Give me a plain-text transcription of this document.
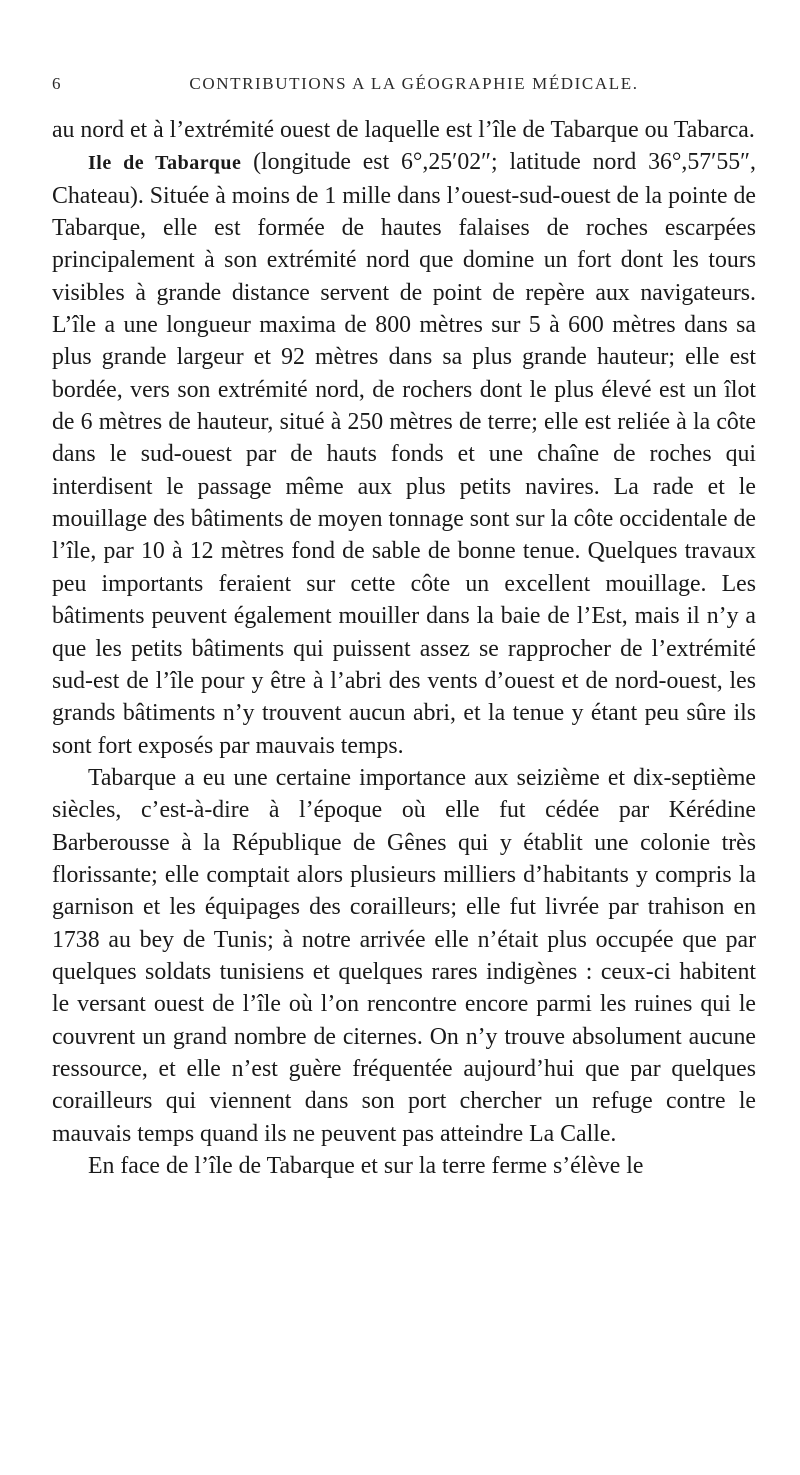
6	CONTRIBUTIONS A LA GÉOGRAPHIE MÉDICALE.

au nord et à l’extrémité ouest de laquelle est l’île de Tabarque ou Tabarca.

Ile de Tabarque (longitude est 6°,25′02″; latitude nord 36°,57′55″, Chateau). Située à moins de 1 mille dans l’ouest-sud-ouest de la pointe de Tabarque, elle est formée de hautes falaises de roches escarpées principalement à son extrémité nord que domine un fort dont les tours visibles à grande distance servent de point de repère aux navigateurs. L’île a une longueur maxima de 800 mètres sur 5 à 600 mètres dans sa plus grande largeur et 92 mètres dans sa plus grande hauteur; elle est bordée, vers son extrémité nord, de rochers dont le plus élevé est un îlot de 6 mètres de hauteur, situé à 250 mètres de terre; elle est reliée à la côte dans le sud-ouest par de hauts fonds et une chaîne de roches qui interdisent le passage même aux plus petits navires. La rade et le mouillage des bâtiments de moyen tonnage sont sur la côte occidentale de l’île, par 10 à 12 mètres fond de sable de bonne tenue. Quelques travaux peu importants feraient sur cette côte un excellent mouillage. Les bâtiments peuvent également mouiller dans la baie de l’Est, mais il n’y a que les petits bâtiments qui puissent assez se rapprocher de l’extrémité sud-est de l’île pour y être à l’abri des vents d’ouest et de nord-ouest, les grands bâtiments n’y trouvent aucun abri, et la tenue y étant peu sûre ils sont fort exposés par mauvais temps.

Tabarque a eu une certaine importance aux seizième et dix-septième siècles, c’est-à-dire à l’époque où elle fut cédée par Kérédine Barberousse à la République de Gênes qui y établit une colonie très florissante; elle comptait alors plusieurs milliers d’habitants y compris la garnison et les équipages des corailleurs; elle fut livrée par trahison en 1738 au bey de Tunis; à notre arrivée elle n’était plus occupée que par quelques soldats tunisiens et quelques rares indigènes : ceux-ci habitent le versant ouest de l’île où l’on rencontre encore parmi les ruines qui le couvrent un grand nombre de citernes. On n’y trouve absolument aucune ressource, et elle n’est guère fréquentée aujourd’hui que par quelques corailleurs qui viennent dans son port chercher un refuge contre le mauvais temps quand ils ne peuvent pas atteindre La Calle.

En face de l’île de Tabarque et sur la terre ferme s’élève le
